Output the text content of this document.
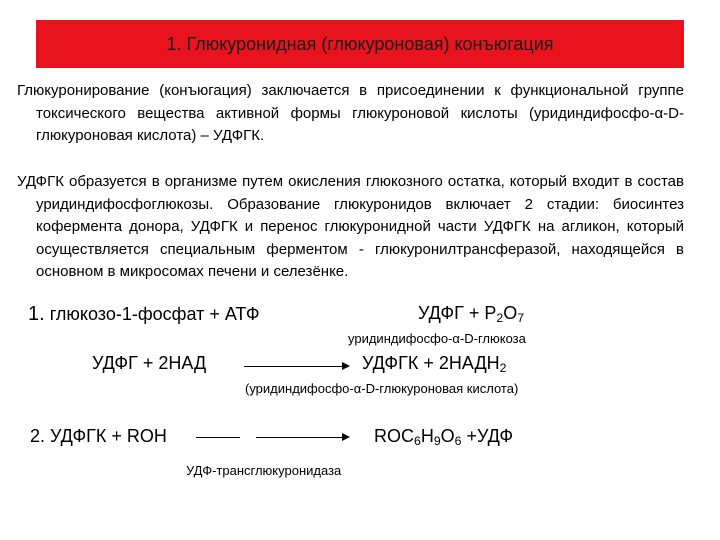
1. Глюкуронидная (глюкуроновая) конъюгация
Глюкуронирование (конъюгация) заключается в присоединении к функциональной группе токсического вещества активной формы глюкуроновой кислоты (уридиндифосфо-α-D-глюкуроновая кислота) – УДФГК.
УДФГК образуется в организме путем окисления глюкозного остатка, который входит в состав уридиндифосфоглюкозы. Образование глюкуронидов включает 2 стадии: биосинтез кофермента донора, УДФГК и перенос глюкуронидной части УДФГК на агликон, который осуществляется специальным ферментом - глюкуронилтрансферазой, находящейся в основном в микросомах печени и селезёнке.
1. глюкозо-1-фосфат + АТФ	УДФГ + $Р_2О_7$
уридиндифосфо-α-D-глюкоза
УДФГ + 2НАД	УДФГК + $2НАДН_2$
(уридиндифосфо-α-D-глюкуроновая кислота)
2. УДФГК + ROH	$ROC_6H_9O_6 +УДФ$
УДФ-трансглюкуронидаза
